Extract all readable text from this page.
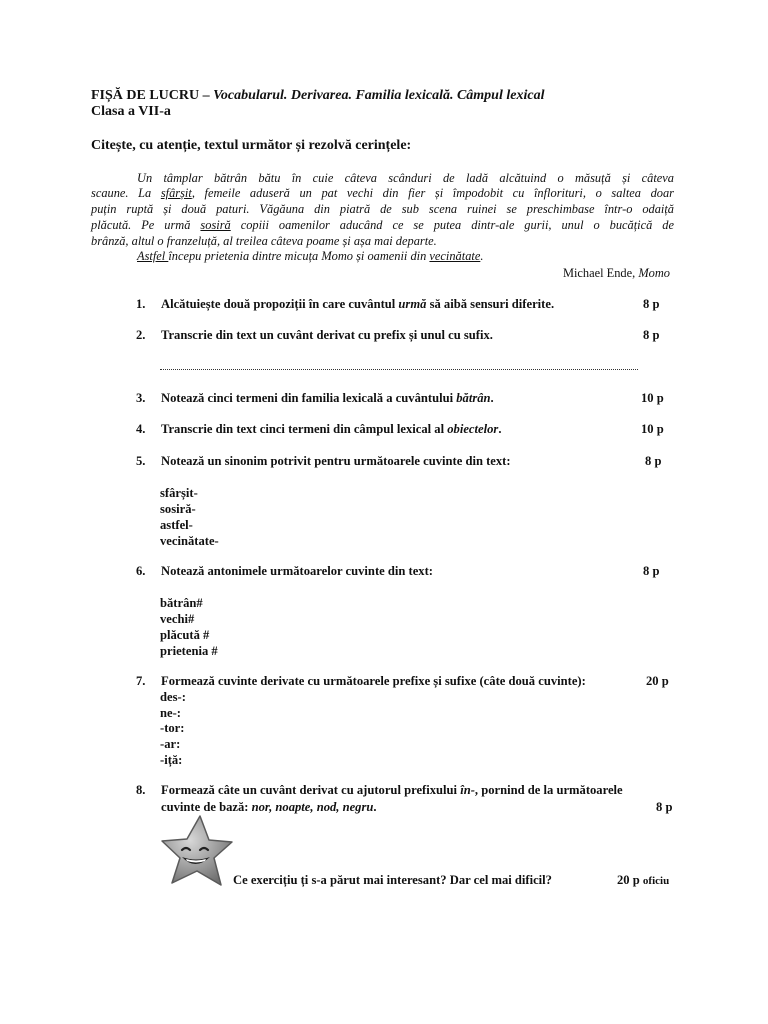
FIȘĂ DE LUCRU – Vocabularul. Derivarea. Familia lexicală. Câmpul lexical
Clasa a VII-a
Citește, cu atenție, textul următor și rezolvă cerințele:
Un tâmplar bătrân bătu în cuie câteva scânduri de ladă alcătuind o măsuță și câteva
scaune. La sfârșit, femeile aduseră un pat vechi din fier și împodobit cu înflorituri, o saltea doar
puțin ruptă și două paturi. Văgăuna din piatră de sub scena ruinei se preschimbase într-o odaiță
plăcută. Pe urmă sosiră copiii oamenilor aducând ce se putea dintr-ale gurii, unul o bucățică de
brânză, altul o franzeluță, al treilea câteva poame și așa mai departe.
Astfel începu prietenia dintre micuța Momo și oamenii din vecinătate.
Michael Ende, Momo
1. Alcătuiește două propoziții în care cuvântul urmă să aibă sensuri diferite.	8 p
2. Transcrie din text un cuvânt derivat cu prefix și unul cu sufix.	8 p
3. Notează cinci termeni din familia lexicală a cuvântului bătrân.	10 p
4. Transcrie din text cinci termeni din câmpul lexical al obiectelor.	10 p
5. Notează un sinonim potrivit pentru următoarele cuvinte din text:	8 p
sfârșit-
sosiră-
astfel-
vecinătate-
6. Notează antonimele următoarelor cuvinte din text:	8 p
bătrân#
vechi#
plăcută #
prietenia #
7. Formează cuvinte derivate cu următoarele prefixe și sufixe (câte două cuvinte):	20 p
des-:
ne-:
-tor:
-ar:
-iță:
8. Formează câte un cuvânt derivat cu ajutorul prefixului în-, pornind de la următoarele
cuvinte de bază: nor, noapte, nod, negru.	8 p
Ce exercițiu ți s-a părut mai interesant? Dar cel mai dificil?	20 p oficiu
